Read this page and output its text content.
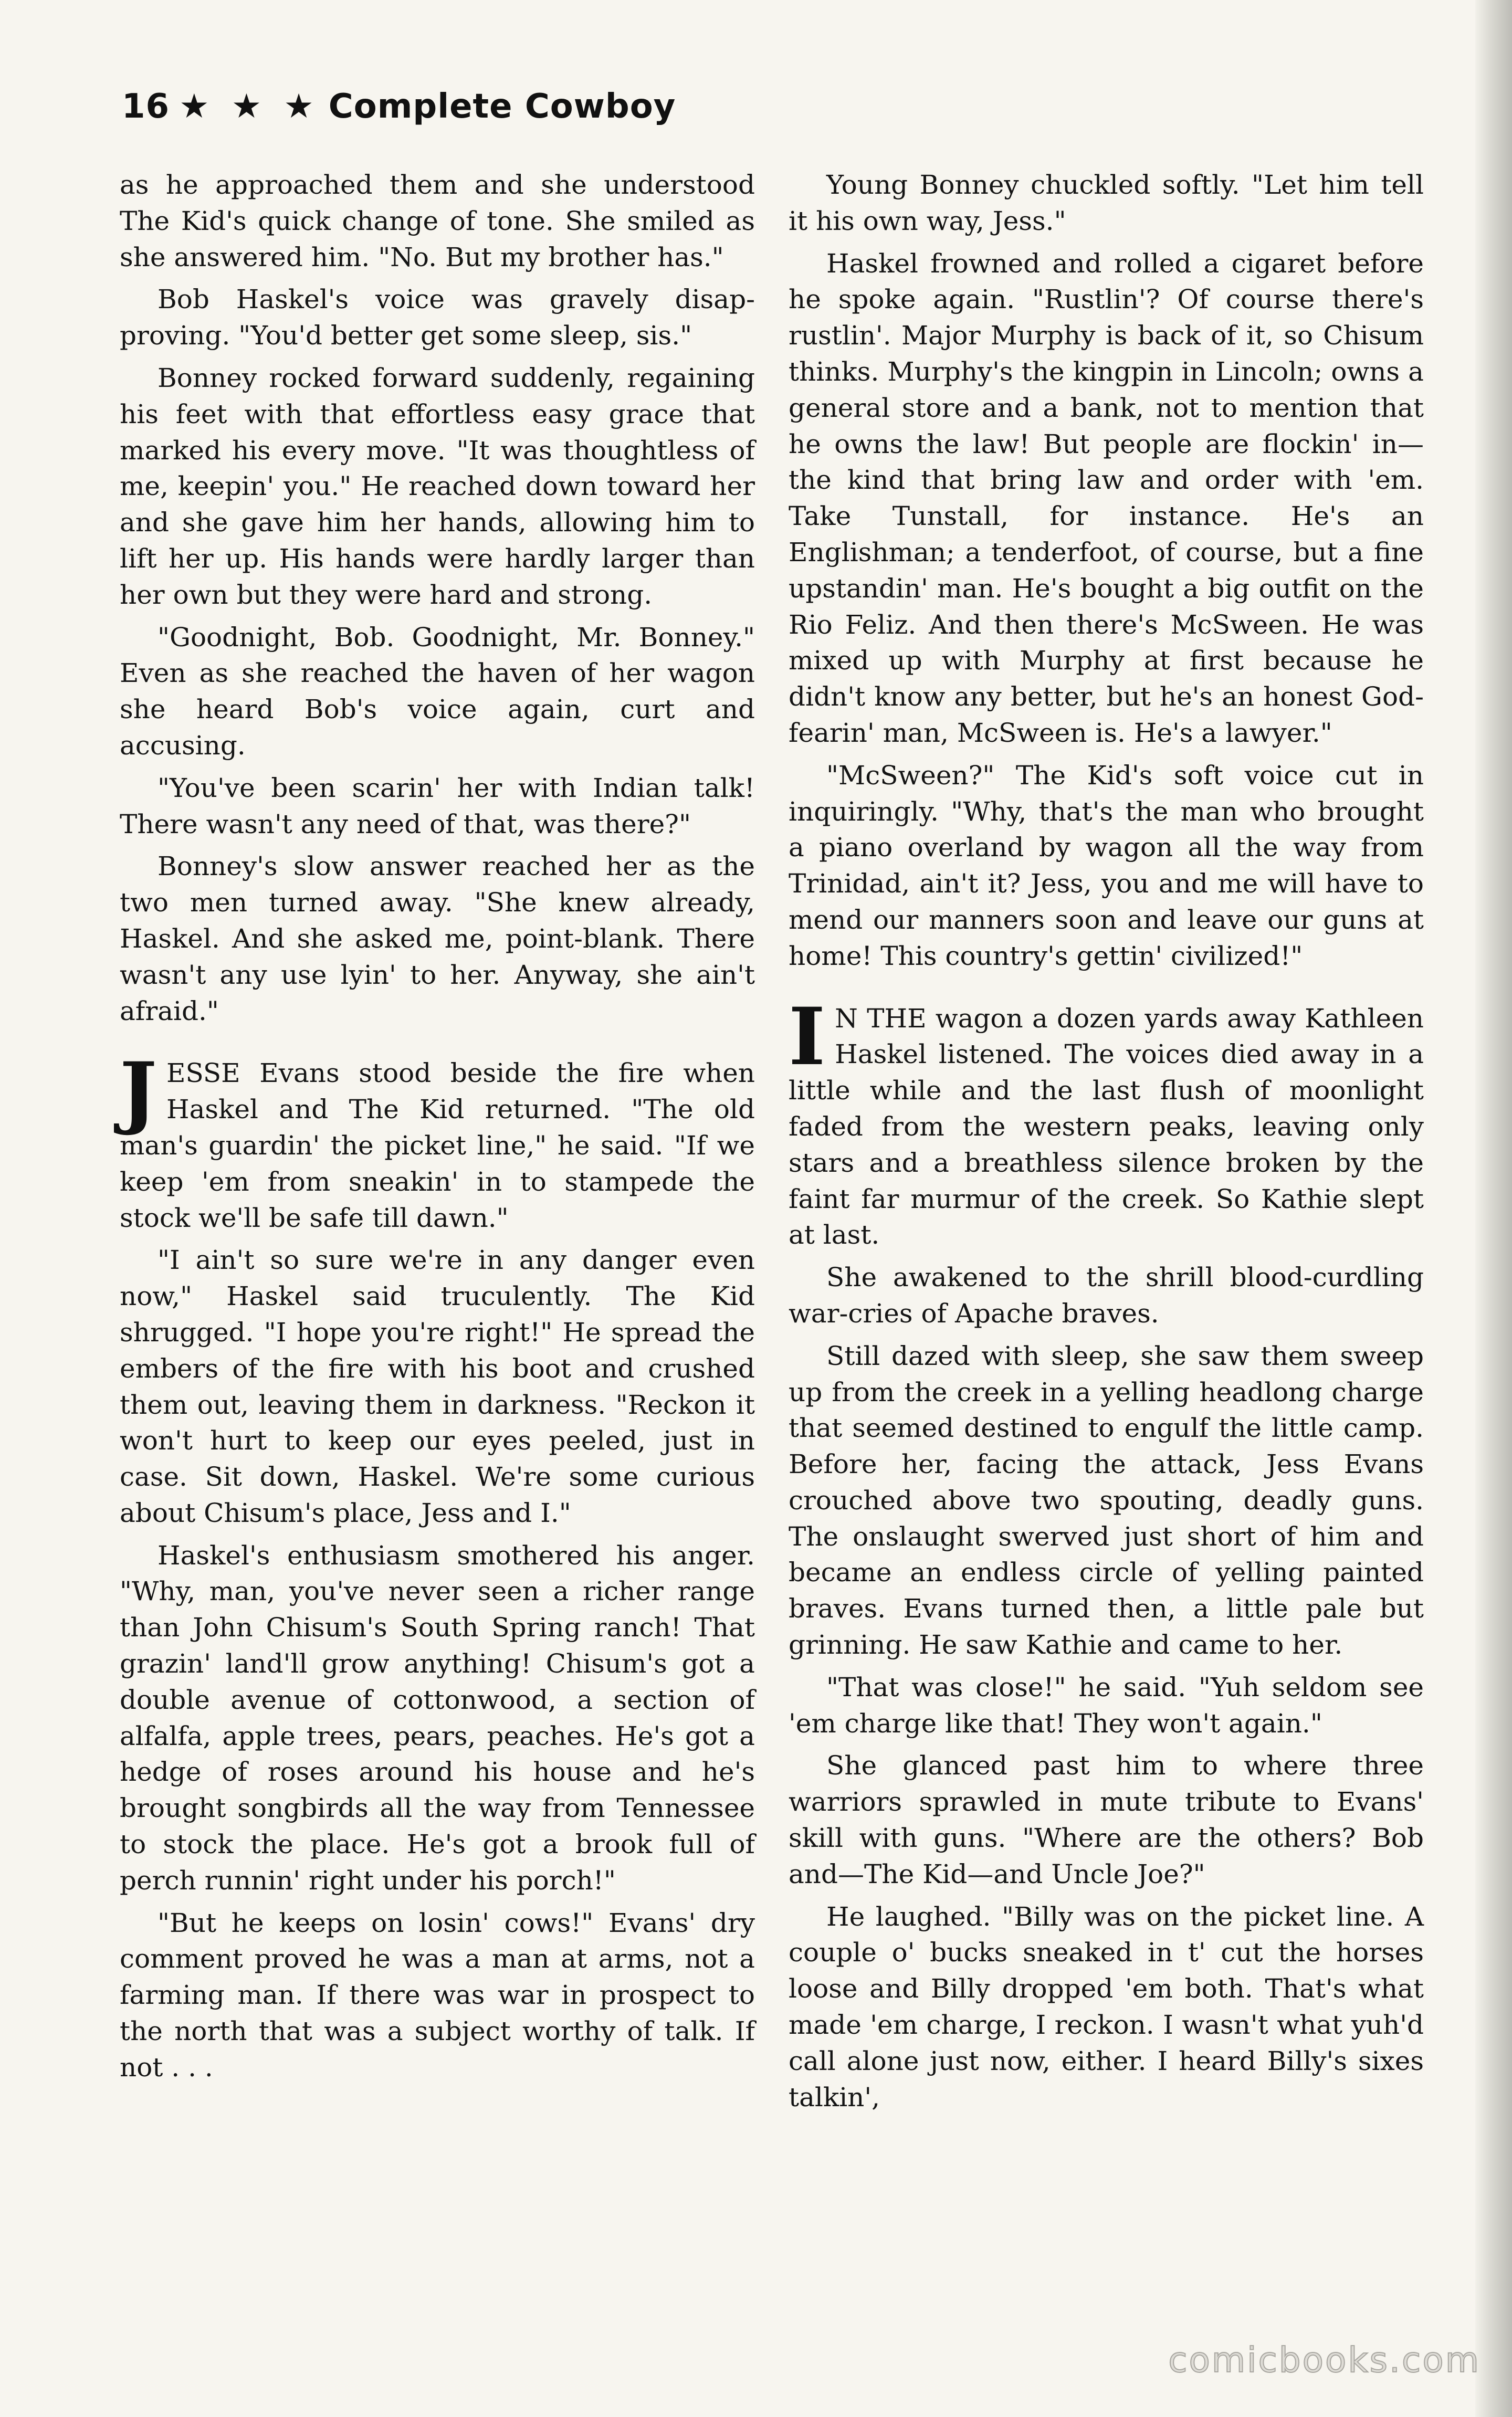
16 ★ ★ ★ Complete Cowboy

as he approached them and she understood The Kid's quick change of tone. She smiled as she answered him. "No. But my brother has."

Bob Haskel's voice was gravely disapproving. "You'd better get some sleep, sis."

Bonney rocked forward suddenly, regaining his feet with that effortless easy grace that marked his every move. "It was thoughtless of me, keepin' you." He reached down toward her and she gave him her hands, allowing him to lift her up. His hands were hardly larger than her own but they were hard and strong.

"Goodnight, Bob. Goodnight, Mr. Bonney." Even as she reached the haven of her wagon she heard Bob's voice again, curt and accusing.

"You've been scarin' her with Indian talk! There wasn't any need of that, was there?"

Bonney's slow answer reached her as the two men turned away. "She knew already, Haskel. And she asked me, point-blank. There wasn't any use lyin' to her. Anyway, she ain't afraid."

JESSE Evans stood beside the fire when Haskel and The Kid returned. "The old man's guardin' the picket line," he said. "If we keep 'em from sneakin' in to stampede the stock we'll be safe till dawn."

"I ain't so sure we're in any danger even now," Haskel said truculently. The Kid shrugged. "I hope you're right!" He spread the embers of the fire with his boot and crushed them out, leaving them in darkness. "Reckon it won't hurt to keep our eyes peeled, just in case. Sit down, Haskel. We're some curious about Chisum's place, Jess and I."

Haskel's enthusiasm smothered his anger. "Why, man, you've never seen a richer range than John Chisum's South Spring ranch! That grazin' land'll grow anything! Chisum's got a double avenue of cottonwood, a section of alfalfa, apple trees, pears, peaches. He's got a hedge of roses around his house and he's brought songbirds all the way from Tennessee to stock the place. He's got a brook full of perch runnin' right under his porch!"

"But he keeps on losin' cows!" Evans' dry comment proved he was a man at arms, not a farming man. If there was war in prospect to the north that was a subject worthy of talk. If not . . .

Young Bonney chuckled softly. "Let him tell it his own way, Jess."

Haskel frowned and rolled a cigaret before he spoke again. "Rustlin'? Of course there's rustlin'. Major Murphy is back of it, so Chisum thinks. Murphy's the kingpin in Lincoln; owns a general store and a bank, not to mention that he owns the law! But people are flockin' in—the kind that bring law and order with 'em. Take Tunstall, for instance. He's an Englishman; a tenderfoot, of course, but a fine upstandin' man. He's bought a big outfit on the Rio Feliz. And then there's McSween. He was mixed up with Murphy at first because he didn't know any better, but he's an honest God-fearin' man, McSween is. He's a lawyer."

"McSween?" The Kid's soft voice cut in inquiringly. "Why, that's the man who brought a piano overland by wagon all the way from Trinidad, ain't it? Jess, you and me will have to mend our manners soon and leave our guns at home! This country's gettin' civilized!"

I N THE wagon a dozen yards away Kathleen Haskel listened. The voices died away in a little while and the last flush of moonlight faded from the western peaks, leaving only stars and a breathless silence broken by the faint far murmur of the creek. So Kathie slept at last.

She awakened to the shrill blood-curdling war-cries of Apache braves.

Still dazed with sleep, she saw them sweep up from the creek in a yelling headlong charge that seemed destined to engulf the little camp. Before her, facing the attack, Jess Evans crouched above two spouting, deadly guns. The onslaught swerved just short of him and became an endless circle of yelling painted braves. Evans turned then, a little pale but grinning. He saw Kathie and came to her.

"That was close!" he said. "Yuh seldom see 'em charge like that! They won't again."

She glanced past him to where three warriors sprawled in mute tribute to Evans' skill with guns. "Where are the others? Bob and—The Kid—and Uncle Joe?"

He laughed. "Billy was on the picket line. A couple o' bucks sneaked in t' cut the horses loose and Billy dropped 'em both. That's what made 'em charge, I reckon. I wasn't what yuh'd call alone just now, either. I heard Billy's sixes talkin',

comicbooks.com
